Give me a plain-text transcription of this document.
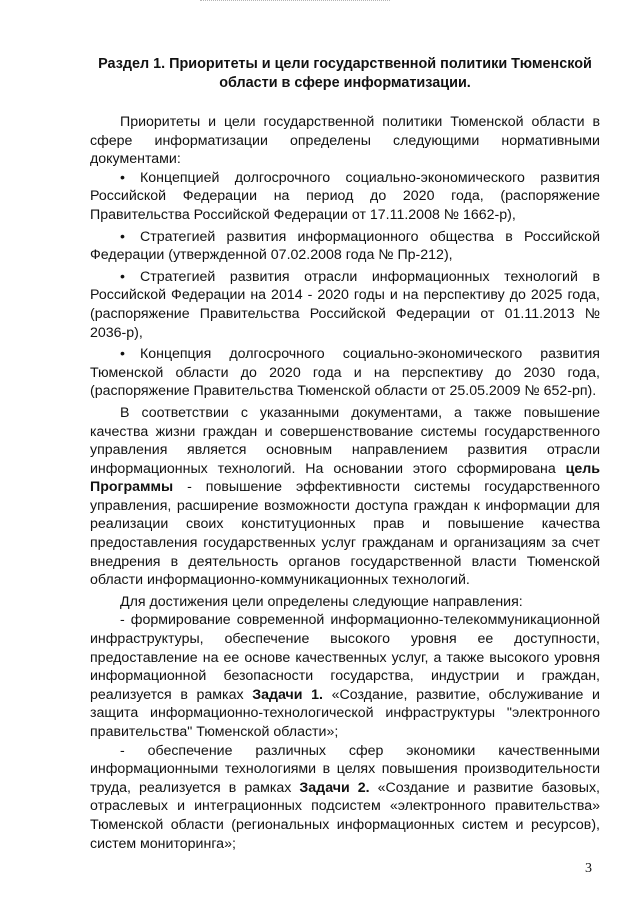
Раздел 1. Приоритеты и цели государственной политики Тюменской области в сфере информатизации.

Приоритеты и цели государственной политики Тюменской области в сфере информатизации определены следующими нормативными документами:

• Концепцией долгосрочного социально-экономического развития Российской Федерации на период до 2020 года, (распоряжение Правительства Российской Федерации от 17.11.2008 № 1662-р),

• Стратегией развития информационного общества в Российской Федерации (утвержденной 07.02.2008 года № Пр-212),

• Стратегией развития отрасли информационных технологий в Российской Федерации на 2014 - 2020 годы и на перспективу до 2025 года, (распоряжение Правительства Российской Федерации от 01.11.2013 № 2036-р),

• Концепция долгосрочного социально-экономического развития Тюменской области до 2020 года и на перспективу до 2030 года, (распоряжение Правительства Тюменской области от 25.05.2009 № 652-рп).

В соответствии с указанными документами, а также повышение качества жизни граждан и совершенствование системы государственного управления является основным направлением развития отрасли информационных технологий. На основании этого сформирована цель Программы - повышение эффективности системы государственного управления, расширение возможности доступа граждан к информации для реализации своих конституционных прав и повышение качества предоставления государственных услуг гражданам и организациям за счет внедрения в деятельность органов государственной власти Тюменской области информационно-коммуникационных технологий.

Для достижения цели определены следующие направления:

- формирование современной информационно-телекоммуникационной инфраструктуры, обеспечение высокого уровня ее доступности, предоставление на ее основе качественных услуг, а также высокого уровня информационной безопасности государства, индустрии и граждан, реализуется в рамках Задачи 1. «Создание, развитие, обслуживание и защита информационно-технологической инфраструктуры "электронного правительства" Тюменской области»;

- обеспечение различных сфер экономики качественными информационными технологиями в целях повышения производительности труда, реализуется в рамках Задачи 2. «Создание и развитие базовых, отраслевых и интеграционных подсистем «электронного правительства» Тюменской области (региональных информационных систем и ресурсов), систем мониторинга»;

3
